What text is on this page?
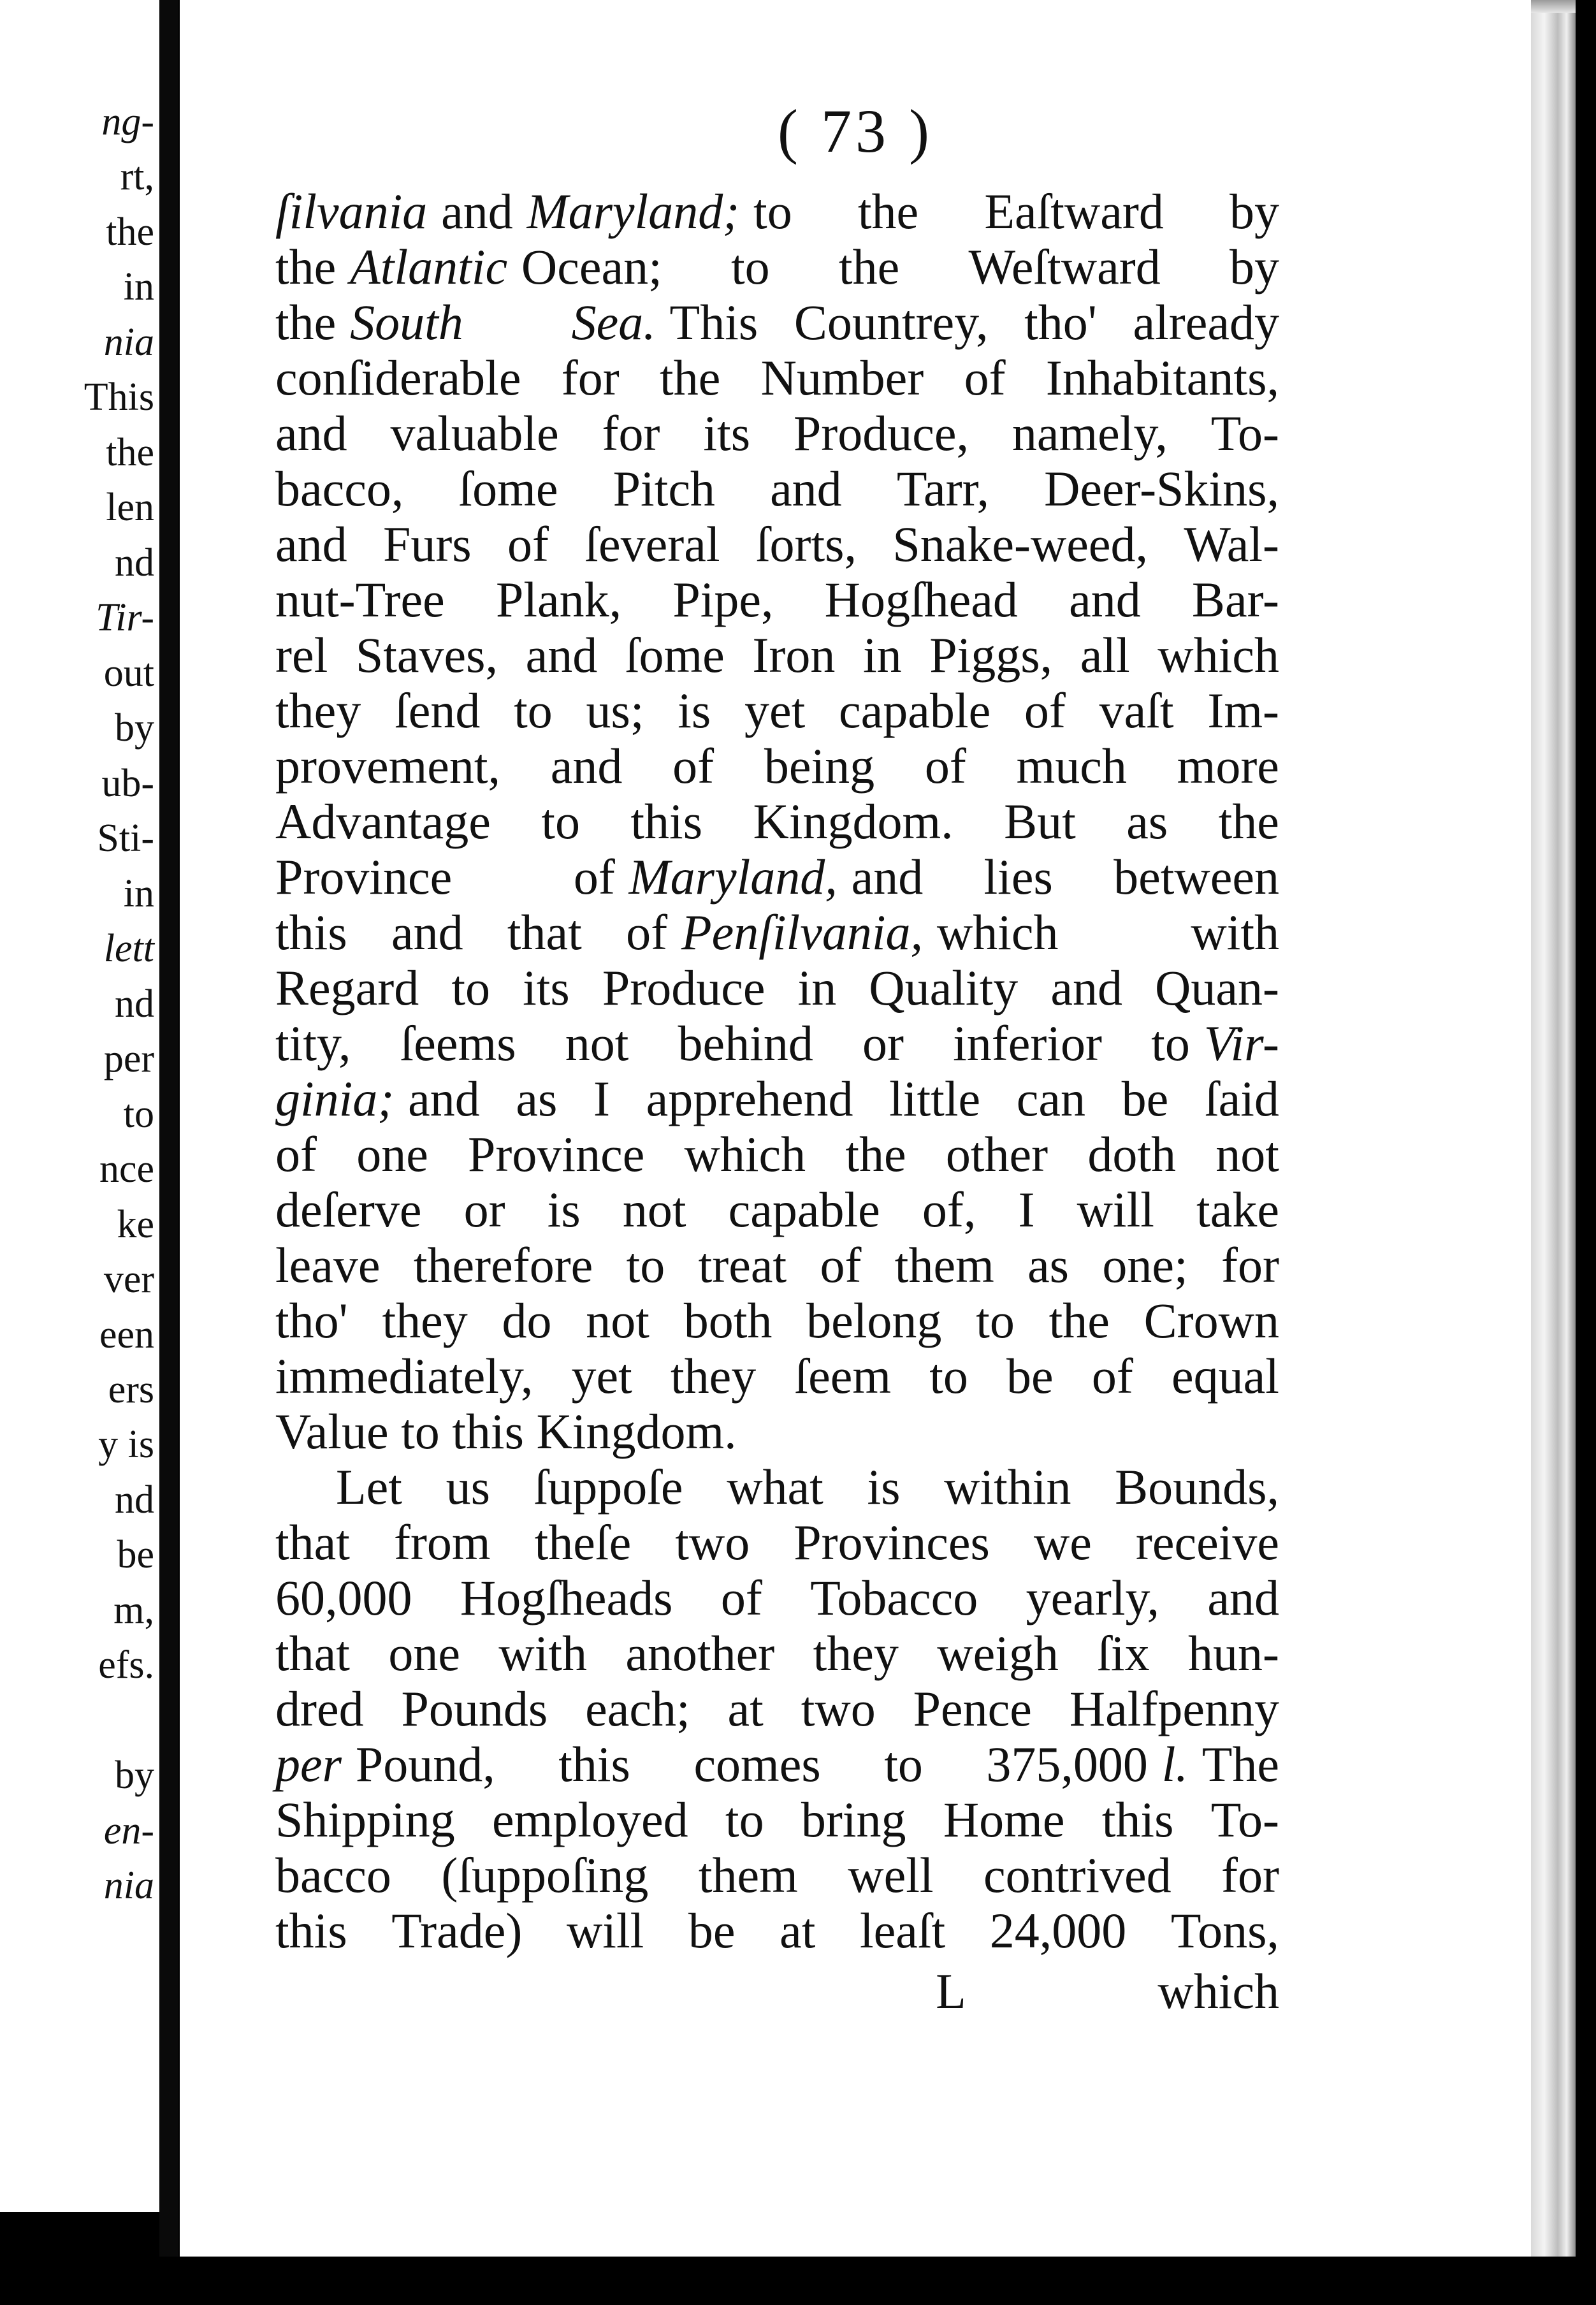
ng-
rt,
the
in
nia
This
the
len
nd
Tir-
out
by
ub-
Sti-
in
lett
nd
per
to
nce
ke
ver
een
ers
y is
nd
be
m,
efs.
by
en-
nia
( 73 )
ſilvania and Maryland; to the Eaſtward by
the Atlantic Ocean; to the Weſtward by
the South Sea. This Countrey, tho' already
conſiderable for the Number of Inhabitants,
and valuable for its Produce, namely, To-
bacco, ſome Pitch and Tarr, Deer-Skins,
and Furs of ſeveral ſorts, Snake-weed, Wal-
nut-Tree Plank, Pipe, Hogſhead and Bar-
rel Staves, and ſome Iron in Piggs, all which
they ſend to us; is yet capable of vaſt Im-
provement, and of being of much more
Advantage to this Kingdom. But as the
Province of Maryland, and lies between
this and that of Penſilvania, which	with
Regard to its Produce in Quality and Quan-
tity, ſeems not behind or inferior to Vir-
ginia; and as I apprehend little can be ſaid
of one Province which the other doth not
deſerve or is not capable of, I will take
leave therefore to treat of them as one; for
tho' they do not both belong to the Crown
immediately, yet they ſeem to be of equal
Value to this Kingdom.
Let us ſuppoſe what is within Bounds,
that from theſe two Provinces we receive
60,000 Hogſheads of Tobacco yearly, and
that one with another they weigh ſix hun-
dred Pounds each; at two Pence Halfpenny
per Pound, this comes to 375,000 l. The
Shipping employed to bring Home this To-
bacco (ſuppoſing them well contrived for
this Trade) will be at leaſt 24,000 Tons,
L	which
